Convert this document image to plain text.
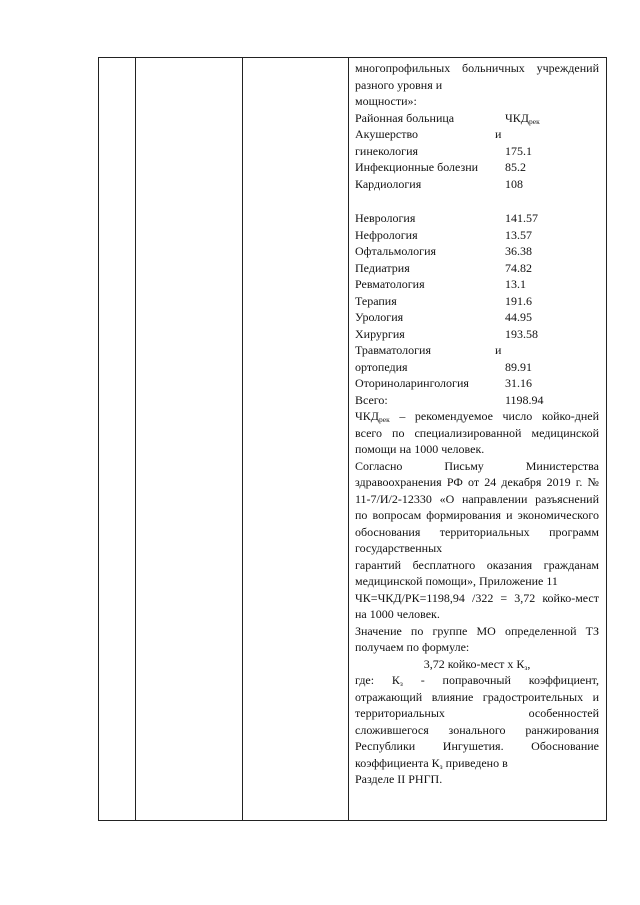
многопрофильных больничных учреждений
разного уровня и
мощности»:
Районная больница	$ЧКД_{рек}$
Акушерство	и
гинекология	175.1
Инфекционные болезни	85.2
Кардиология	108
Неврология	141.57
Нефрология	13.57
Офтальмология	36.38
Педиатрия	74.82
Ревматология	13.1
Терапия	191.6
Урология	44.95
Хирургия	193.58
Травматология	и
ортопедия	89.91
Оториноларингология	31.16
Всего:	1198.94
$ЧКД_{рек}$ – рекомендуемое число койко-дней
всего по специализированной медицинской
помощи на 1000 человек.
Согласно	Письму	Министерства
здравоохранения РФ от 24 декабря 2019 г. №
11-7/И/2-12330 «О направлении разъяснений
по вопросам формирования и экономического
обоснования территориальных программ
государственных
гарантий бесплатного оказания гражданам
медицинской помощи», Приложение 11
ЧК=ЧКД/РК=1198,94 /322 = 3,72 койко-мест
на 1000 человек.
Значение по группе МО определенной ТЗ
получаем по формуле:
3,72 койко-мест х $К_з$,
где: $К_з$ - поправочный коэффициент,
отражающий влияние градостроительных и
территориальных особенностей
сложившегося зонального ранжирования
Республики Ингушетия. Обоснование
коэффициента $К_з$ приведено в
Разделе II РНГП.
